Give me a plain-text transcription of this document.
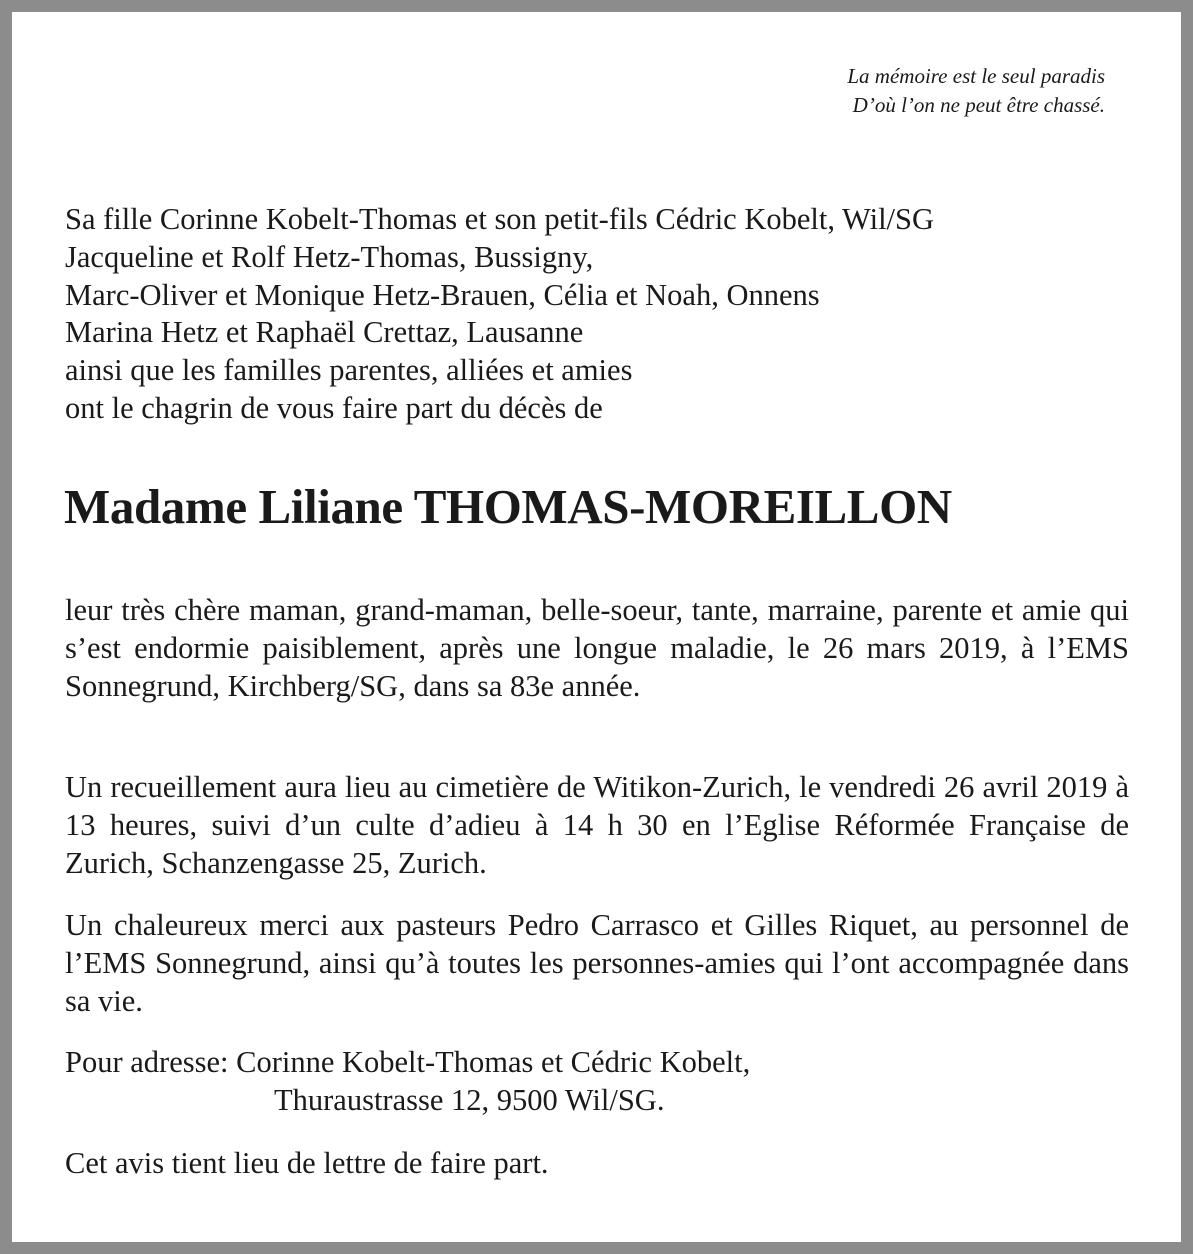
La mémoire est le seul paradis
D’où l’on ne peut être chassé.
Sa fille Corinne Kobelt-Thomas et son petit-fils Cédric Kobelt, Wil/SG
Jacqueline et Rolf Hetz-Thomas, Bussigny,
Marc-Oliver et Monique Hetz-Brauen, Célia et Noah, Onnens
Marina Hetz et Raphaël Crettaz, Lausanne
ainsi que les familles parentes, alliées et amies
ont le chagrin de vous faire part du décès de
Madame Liliane THOMAS-MOREILLON
leur très chère maman, grand-maman, belle-soeur, tante, marraine, parente et amie qui s’est endormie paisiblement, après une longue maladie, le 26 mars 2019, à l’EMS Sonnegrund, Kirchberg/SG, dans sa 83e année.
Un recueillement aura lieu au cimetière de Witikon-Zurich, le vendredi 26 avril 2019 à 13 heures, suivi d’un culte d’adieu à 14 h 30 en l’Eglise Réformée Française de Zurich, Schanzengasse 25, Zurich.
Un chaleureux merci aux pasteurs Pedro Carrasco et Gilles Riquet, au personnel de l’EMS Sonnegrund, ainsi qu’à toutes les personnes-amies qui l’ont accompagnée dans sa vie.
Pour adresse: Corinne Kobelt-Thomas et Cédric Kobelt,
Thuraustrasse 12, 9500 Wil/SG.
Cet avis tient lieu de lettre de faire part.
